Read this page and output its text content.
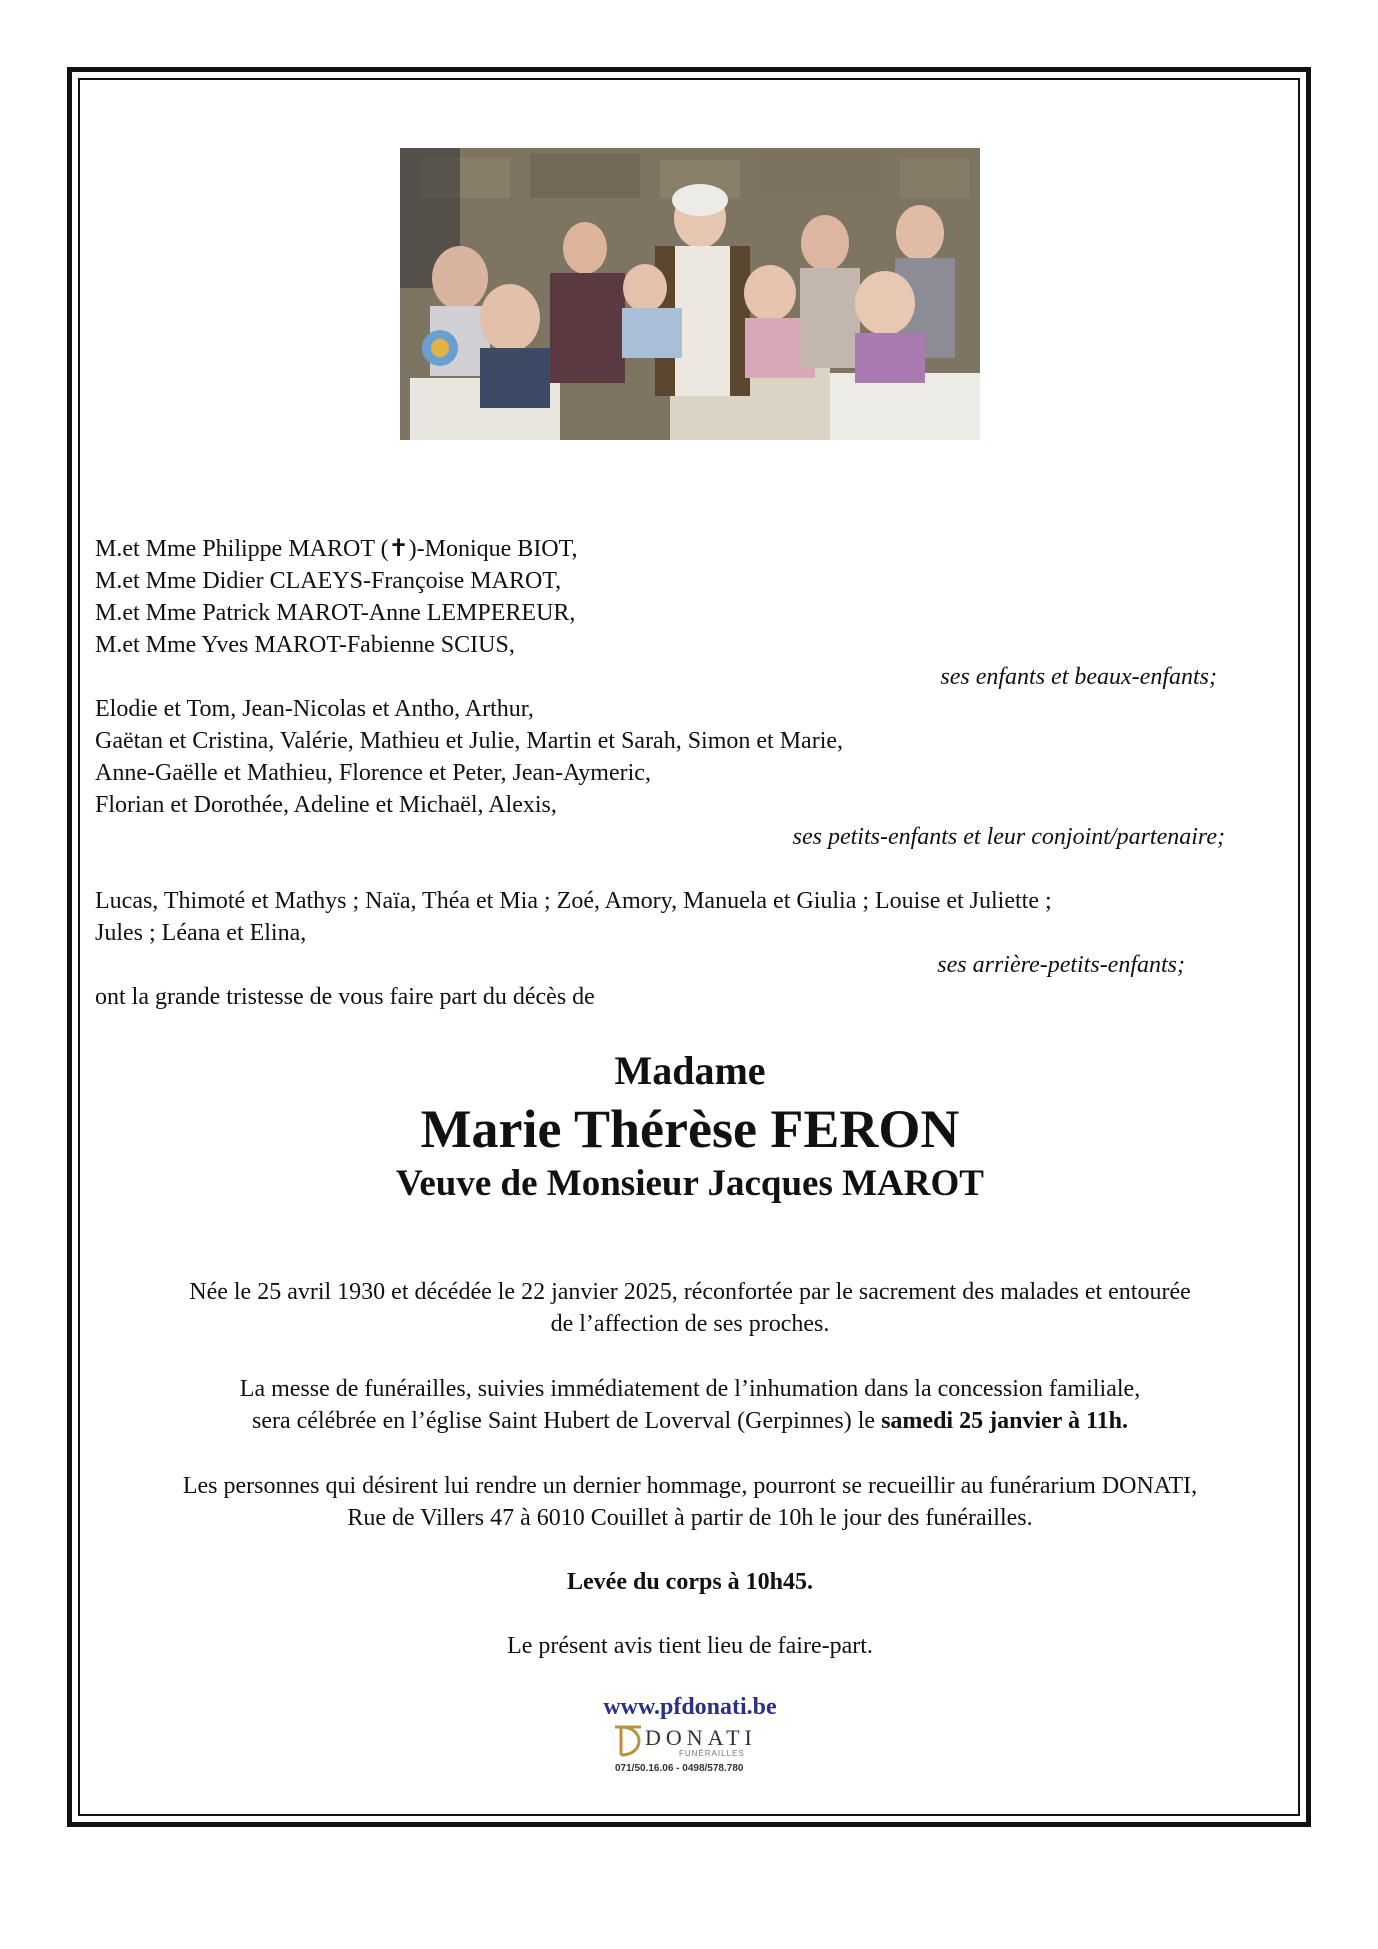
M.et Mme Philippe MAROT (✝)-Monique BIOT,
M.et Mme Didier CLAEYS-Françoise MAROT,
M.et Mme Patrick MAROT-Anne LEMPEREUR,
M.et Mme Yves MAROT-Fabienne SCIUS,
ses enfants et beaux-enfants;
Elodie et Tom, Jean-Nicolas et Antho, Arthur,
Gaëtan et Cristina, Valérie, Mathieu et Julie, Martin et Sarah, Simon et Marie,
Anne-Gaëlle et Mathieu, Florence et Peter, Jean-Aymeric,
Florian et Dorothée, Adeline et Michaël, Alexis,
ses petits-enfants et leur conjoint/partenaire;
Lucas, Thimoté et Mathys ; Naïa, Théa et Mia ; Zoé, Amory, Manuela et Giulia ; Louise et Juliette ;
Jules ; Léana et Elina,
ses arrière-petits-enfants;
ont la grande tristesse de vous faire part du décès de
Madame
Marie Thérèse FERON
Veuve de Monsieur Jacques MAROT
Née le 25 avril 1930 et décédée le 22 janvier 2025, réconfortée par le sacrement des malades et entourée
de l’affection de ses proches.
La messe de funérailles, suivies immédiatement de l’inhumation dans la concession familiale,
sera célébrée en l’église Saint Hubert de Loverval (Gerpinnes) le samedi 25 janvier à 11h.
Les personnes qui désirent lui rendre un dernier hommage, pourront se recueillir au funérarium DONATI,
Rue de Villers 47 à 6010 Couillet à partir de 10h le jour des funérailles.
Levée du corps à 10h45.
Le présent avis tient lieu de faire-part.
www.pfdonati.be
DONATI
FUNÉRAILLES
071/50.16.06 - 0498/578.780
